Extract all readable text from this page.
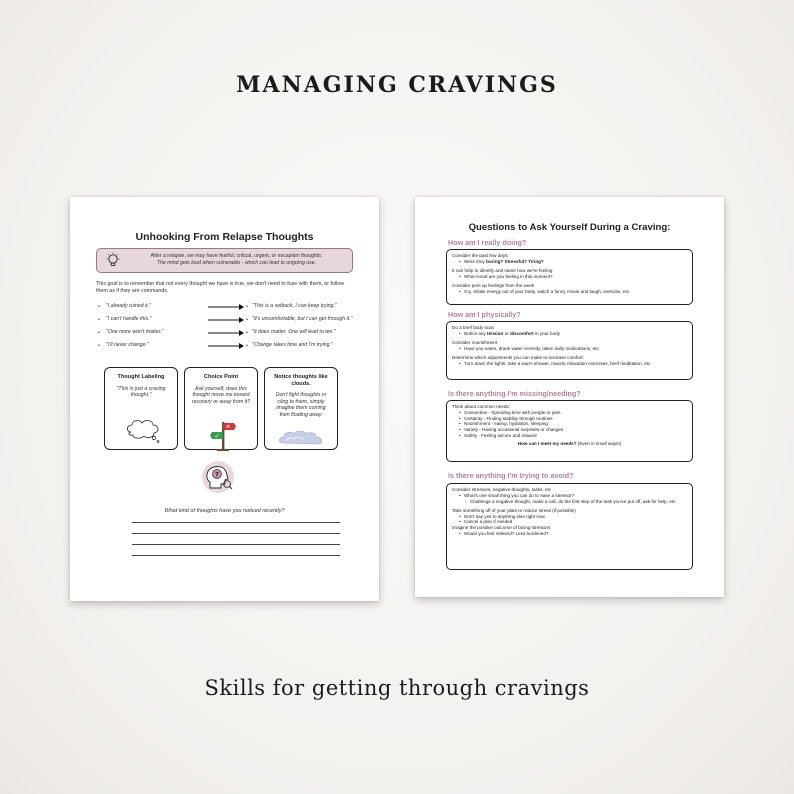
MANAGING CRAVINGS
Unhooking From Relapse Thoughts
After a relapse, we may have fearful, critical, urgent, or escapism thoughts.
The mind gets loud when vulnerable - which can lead to ongoing use.
This goal is to remember that not every thought we have is true, we don't need to fuse with them, or follow them as if they are commands.
• "I already ruined it."	• "This is a setback, I can keep trying."
• "I can't handle this."	• "It's uncomfortable, but I can get through it."
• "One more won't matter."	• "It does matter. One will lead to ten."
• "I'll never change."	• "Change takes time and I'm trying."
Thought Labeling
"This is just a craving thought."
Choice Point
Ask yourself, does this thought move me toward recovery or away from it?
✕
✓
Notice thoughts like clouds.
Don't fight thoughts or cling to them, simply imagine them coming then floating away.
?
What kind of thoughts have you noticed recently?
Questions to Ask Yourself During a Craving:
How am I really doing?

Consider the past few days:

• Were they boring? Stressful? Tiring?

It can help to identify and name how we're feeling

• What mood are you feeling in this moment?

Consider pent up feelings from the week

• Cry, shake energy out of your body, watch a funny movie and laugh, exercise, etc.
How am I physically?

Do a brief body scan

• Notice any tension or discomfort in your body

Consider nourishment

• Have you eaten, drank water recently, taken daily medications, etc.

Determine which adjustments you can make to increase comfort:

• Turn down the lights, take a warm shower, muscle relaxation exercises, brief meditation, etc.
Is there anything I'm missing/needing?

Think about common needs:

• Connection - Spending time with people or pets
• Certainty - Finding stability through routines
• Nourishment - eating, hydration, sleeping
• Variety - Having occasional surprises or changes
• Safety - Feeling secure and relaxed
How can I meet my needs? (Even in small ways!)
Is there anything I'm trying to avoid?

Consider stressors, negative thoughts, tasks, etc

• What's one small thing you can do to ease a stressor?
◦ Challenge a negative thought, make a call, do the first step of the task you've put off, ask for help, etc.

Take something off of your plate to reduce stress (if possible)

• Don't say yes to anything else right now
• Cancel a plan if needed

Imagine the positive outcome of facing stressors

• Would you feel relieved? Less burdened?
Skills for getting through cravings
